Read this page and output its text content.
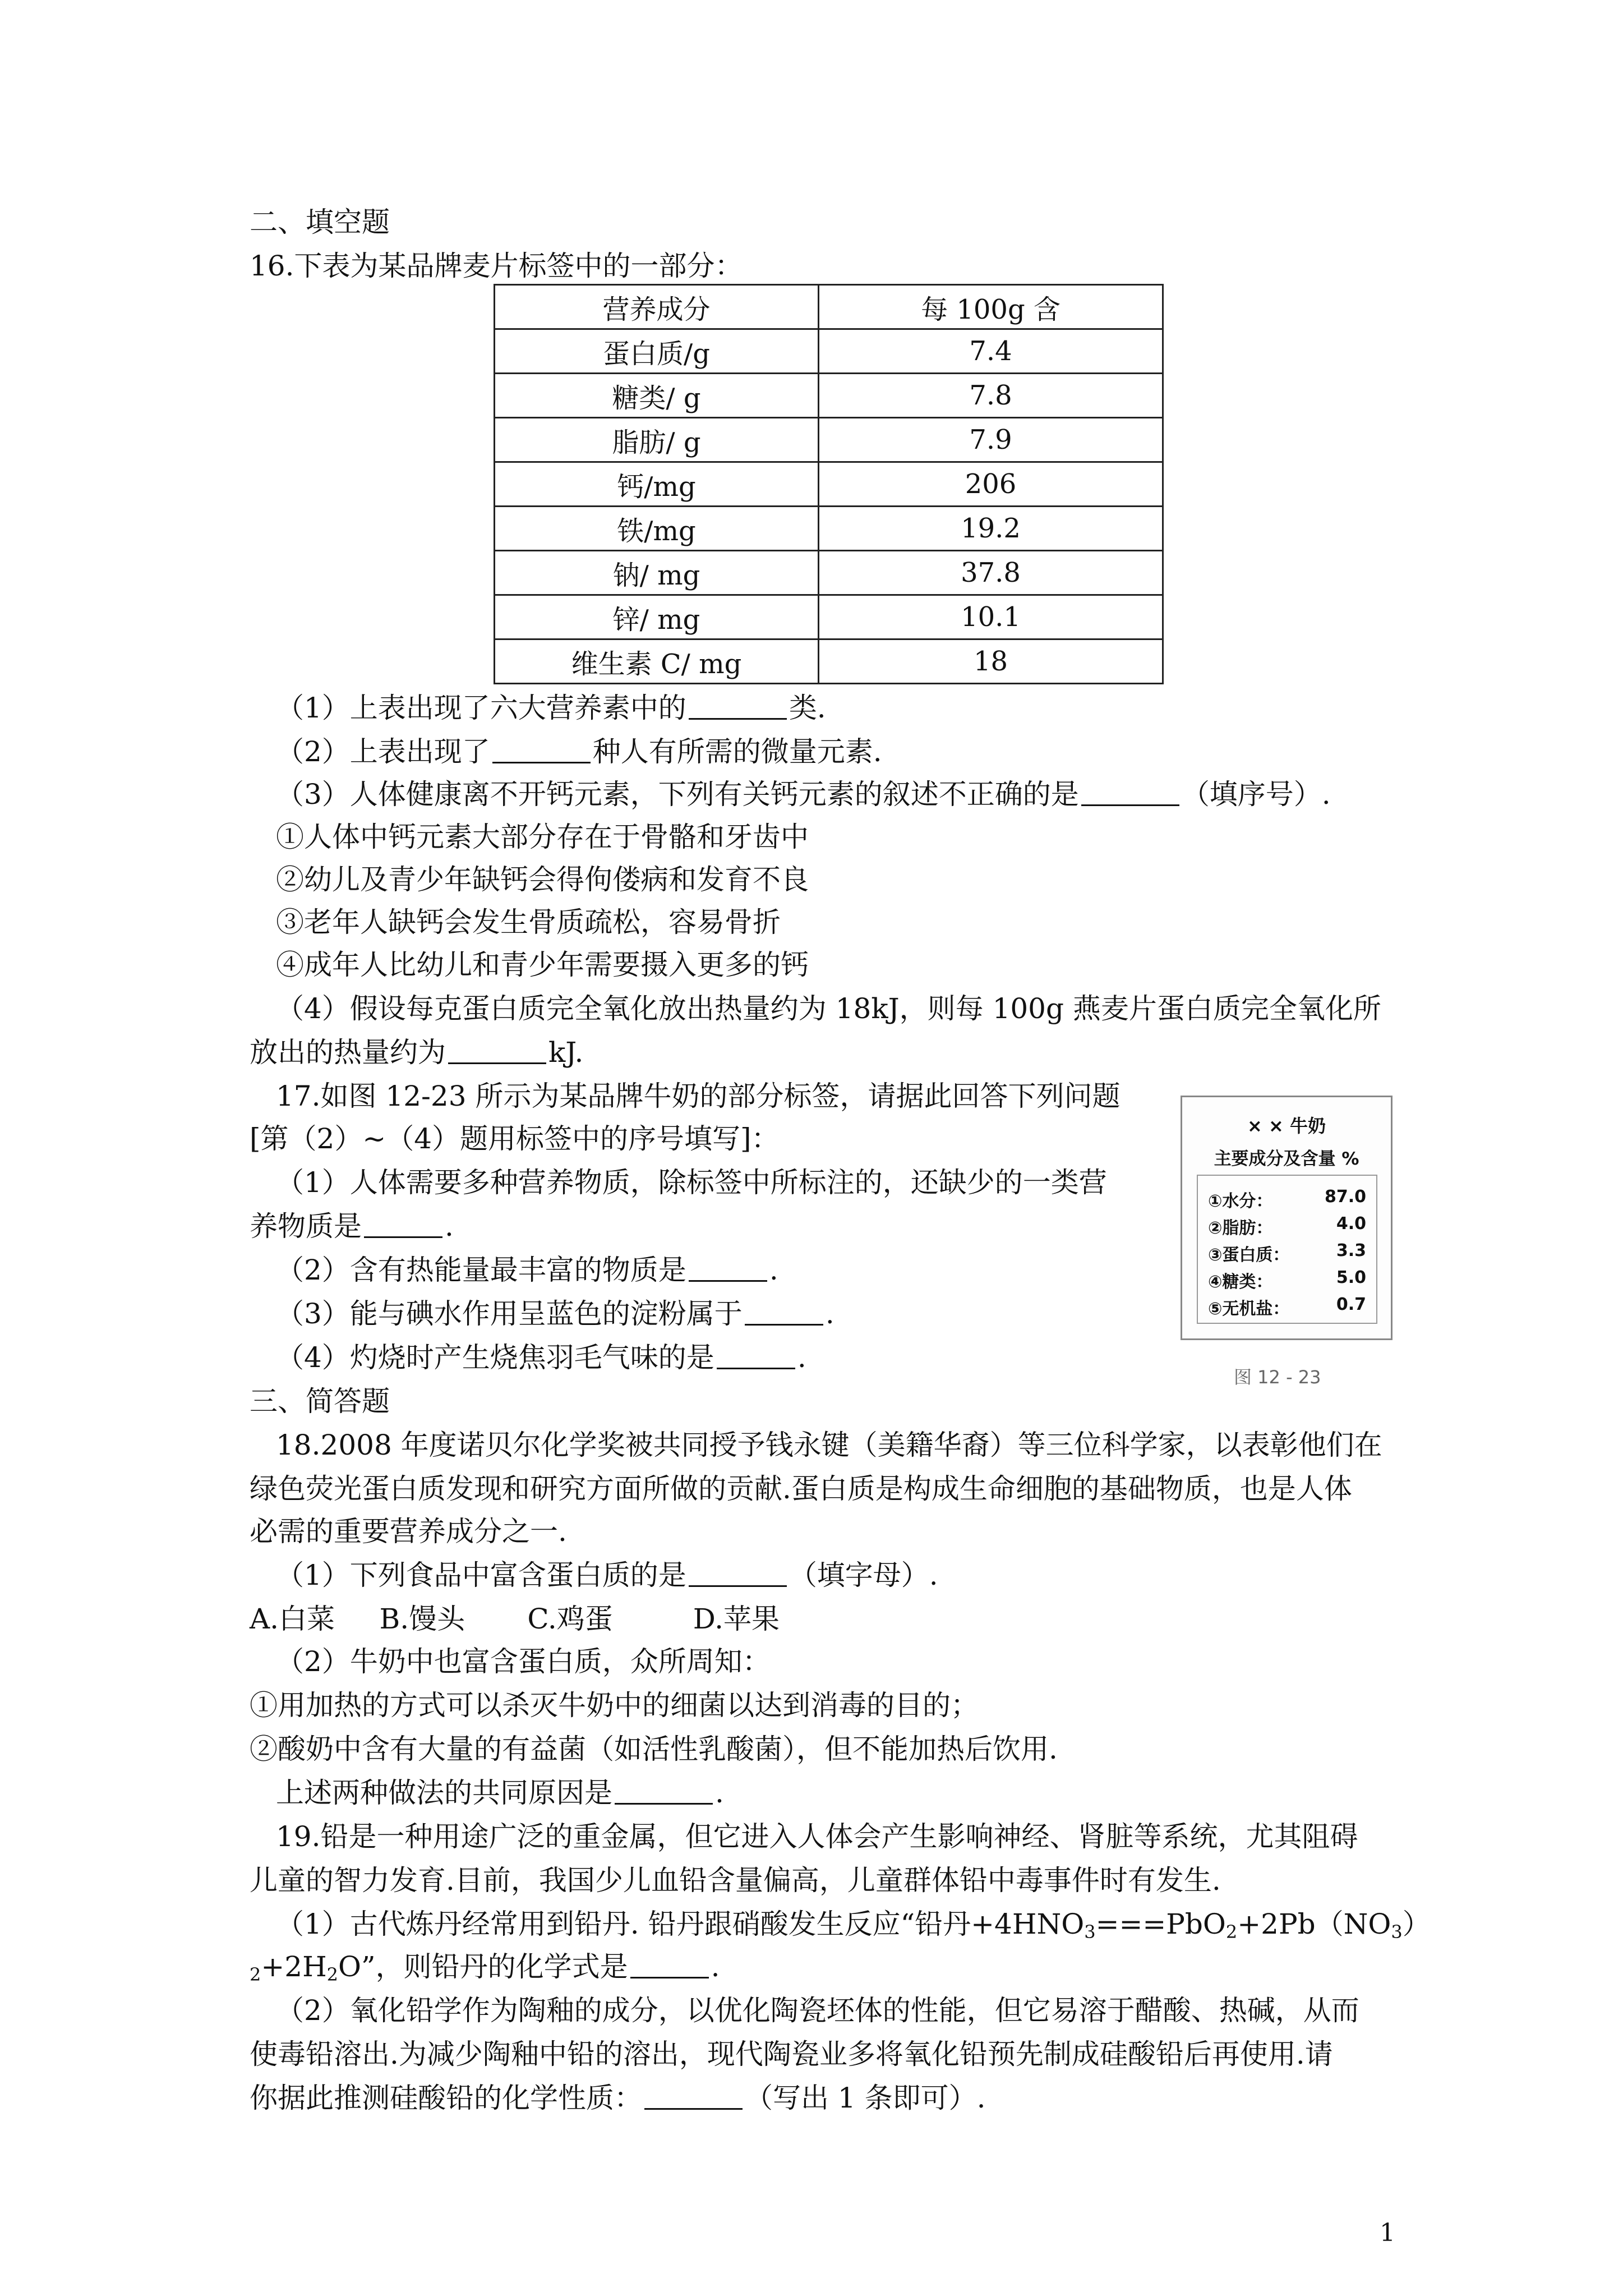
二、填空题
16.下表为某品牌麦片标签中的一部分：
营养成分	每 100g 含
蛋白质/g	7.4
糖类/ g	7.8
脂肪/ g	7.9
钙/mg	206
铁/mg	19.2
钠/ mg	37.8
锌/ mg	10.1
维生素 C/ mg	18
（1）上表出现了六大营养素中的	类.
（2）上表出现了	种人有所需的微量元素.
（3）人体健康离不开钙元素，下列有关钙元素的叙述不正确的是	（填序号）.
①人体中钙元素大部分存在于骨骼和牙齿中
②幼儿及青少年缺钙会得佝偻病和发育不良
③老年人缺钙会发生骨质疏松，容易骨折
④成年人比幼儿和青少年需要摄入更多的钙
（4）假设每克蛋白质完全氧化放出热量约为 18kJ，则每 100g 燕麦片蛋白质完全氧化所
放出的热量约为	kJ.
17.如图 12-23 所示为某品牌牛奶的部分标签，请据此回答下列问题
[第（2）~（4）题用标签中的序号填写]：
（1）人体需要多种营养物质，除标签中所标注的，还缺少的一类营
养物质是	.
（2）含有热能量最丰富的物质是	.
（3）能与碘水作用呈蓝色的淀粉属于	.
（4）灼烧时产生烧焦羽毛气味的是	.
× × 牛奶
主要成分及含量 %
①水分：	87.0
②脂肪：	4.0
③蛋白质：	3.3
④糖类：	5.0
⑤无机盐：	0.7
图 12 - 23
三、简答题
18.2008 年度诺贝尔化学奖被共同授予钱永键（美籍华裔）等三位科学家，以表彰他们在
绿色荧光蛋白质发现和研究方面所做的贡献.蛋白质是构成生命细胞的基础物质，也是人体
必需的重要营养成分之一.
（1）下列食品中富含蛋白质的是	（填字母）.
A.白菜     B.馒头       C.鸡蛋         D.苹果
（2）牛奶中也富含蛋白质，众所周知：
①用加热的方式可以杀灭牛奶中的细菌以达到消毒的目的；
②酸奶中含有大量的有益菌（如活性乳酸菌），但不能加热后饮用.
上述两种做法的共同原因是	.
19.铅是一种用途广泛的重金属，但它进入人体会产生影响神经、肾脏等系统，尤其阻碍
儿童的智力发育.目前，我国少儿血铅含量偏高，儿童群体铅中毒事件时有发生.
（1）古代炼丹经常用到铅丹. 铅丹跟硝酸发生反应“铅丹$+4HNO_3===PbO_2+2Pb(NO_3)$
$_2+2H_2O$”，则铅丹的化学式是	.
（2）氧化铅学作为陶釉的成分，以优化陶瓷坯体的性能，但它易溶于醋酸、热碱，从而
使毒铅溶出.为减少陶釉中铅的溶出，现代陶瓷业多将氧化铅预先制成硅酸铅后再使用.请
你据此推测硅酸铅的化学性质：	（写出 1 条即可）.
1
